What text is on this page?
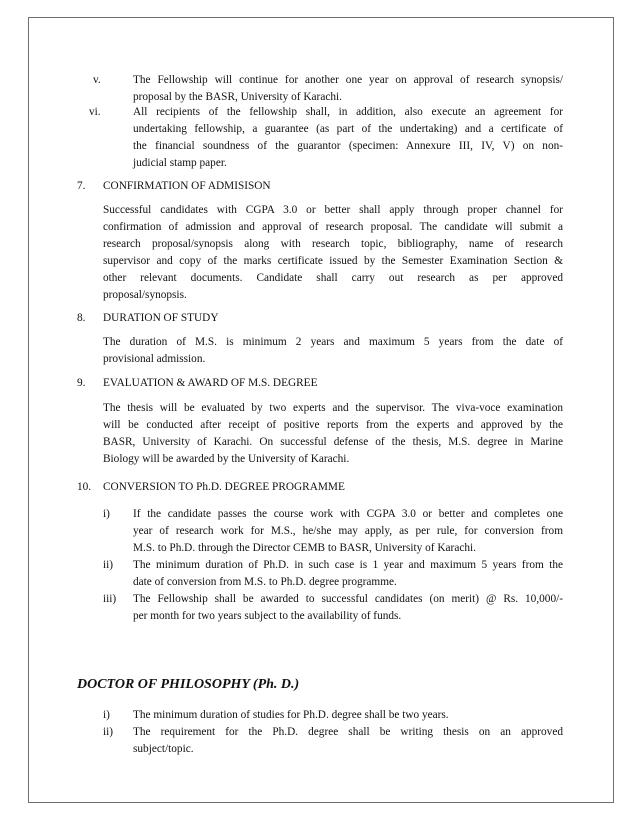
v.	The Fellowship will continue for another one year on approval of research synopsis/
proposal by the BASR, University of Karachi.
vi.	All recipients of the fellowship shall, in addition, also execute an agreement for
undertaking fellowship, a guarantee (as part of the undertaking) and a certificate of
the financial soundness of the guarantor (specimen: Annexure III, IV, V) on non-
judicial stamp paper.
7. CONFIRMATION OF ADMISISON
Successful candidates with CGPA 3.0 or better shall apply through proper channel for
confirmation of admission and approval of research proposal. The candidate will submit a
research proposal/synopsis along with research topic, bibliography, name of research
supervisor and copy of the marks certificate issued by the Semester Examination Section &
other relevant documents. Candidate shall carry out research as per approved
proposal/synopsis.
8. DURATION OF STUDY
The duration of M.S. is minimum 2 years and maximum 5 years from the date of
provisional admission.
9. EVALUATION & AWARD OF M.S. DEGREE
The thesis will be evaluated by two experts and the supervisor. The viva-voce examination
will be conducted after receipt of positive reports from the experts and approved by the
BASR, University of Karachi. On successful defense of the thesis, M.S. degree in Marine
Biology will be awarded by the University of Karachi.
10. CONVERSION TO Ph.D. DEGREE PROGRAMME
i) If the candidate passes the course work with CGPA 3.0 or better and completes one
year of research work for M.S., he/she may apply, as per rule, for conversion from
M.S. to Ph.D. through the Director CEMB to BASR, University of Karachi.
ii) The minimum duration of Ph.D. in such case is 1 year and maximum 5 years from the
date of conversion from M.S. to Ph.D. degree programme.
iii) The Fellowship shall be awarded to successful candidates (on merit) @ Rs. 10,000/-
per month for two years subject to the availability of funds.
DOCTOR OF PHILOSOPHY (Ph. D.)
i) The minimum duration of studies for Ph.D. degree shall be two years.
ii) The requirement for the Ph.D. degree shall be writing thesis on an approved
subject/topic.
